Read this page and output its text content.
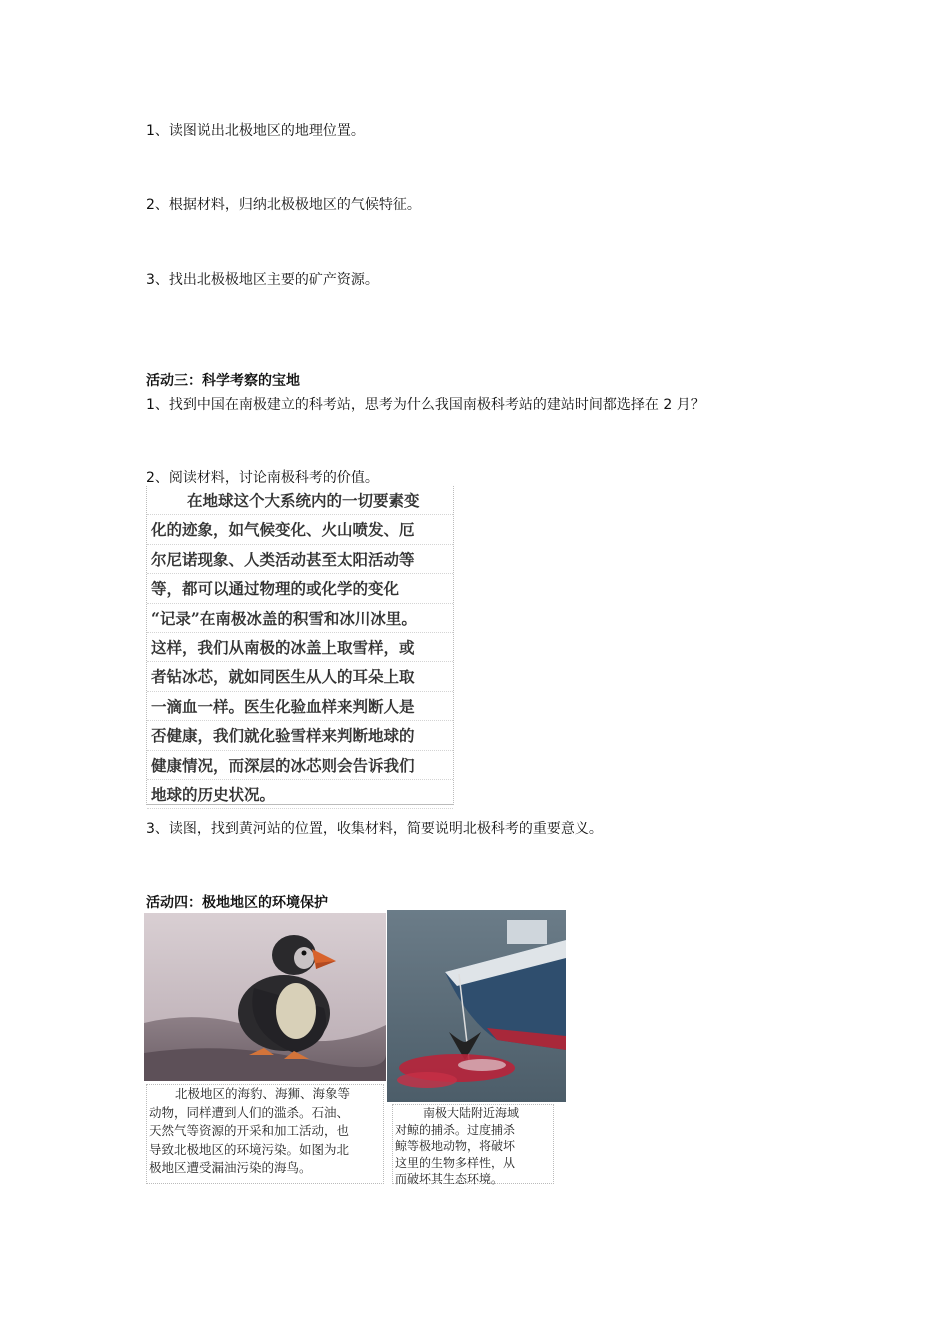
1、读图说出北极地区的地理位置。
2、根据材料，归纳北极极地区的气候特征。
3、找出北极极地区主要的矿产资源。
活动三：科学考察的宝地
1、找到中国在南极建立的科考站，思考为什么我国南极科考站的建站时间都选择在 2 月？
2、阅读材料，讨论南极科考的价值。
在地球这个大系统内的一切要素变
化的迹象，如气候变化、火山喷发、厄
尔尼诺现象、人类活动甚至太阳活动等
等，都可以通过物理的或化学的变化
“记录”在南极冰盖的积雪和冰川冰里。
这样，我们从南极的冰盖上取雪样，或
者钻冰芯，就如同医生从人的耳朵上取
一滴血一样。医生化验血样来判断人是
否健康，我们就化验雪样来判断地球的
健康情况，而深层的冰芯则会告诉我们
地球的历史状况。
3、读图，找到黄河站的位置，收集材料，简要说明北极科考的重要意义。
活动四：极地地区的环境保护
北极地区的海豹、海狮、海象等
动物，同样遭到人们的滥杀。石油、
天然气等资源的开采和加工活动，也
导致北极地区的环境污染。如图为北
极地区遭受漏油污染的海鸟。
南极大陆附近海域
对鲸的捕杀。过度捕杀
鲸等极地动物，将破坏
这里的生物多样性，从
而破坏其生态环境。
